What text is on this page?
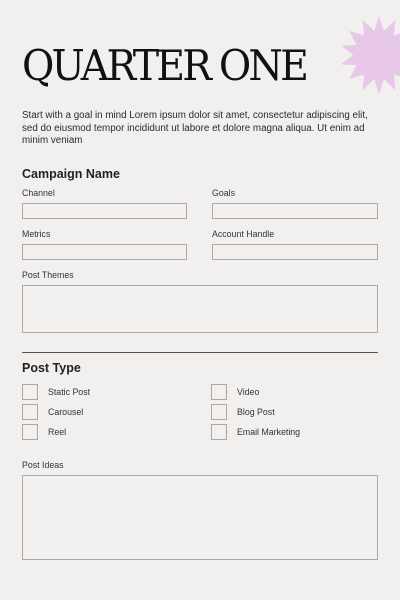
QUARTER ONE

Start with a goal in mind Lorem ipsum dolor sit amet, consectetur adipiscing elit, sed do eiusmod tempor incididunt ut labore et dolore magna aliqua. Ut enim ad minim veniam

Campaign Name
Channel	Goals
Metrics	Account Handle
Post Themes
Post Type
Static Post
Carousel
Reel
Video
Blog Post
Email Marketing
Post Ideas
